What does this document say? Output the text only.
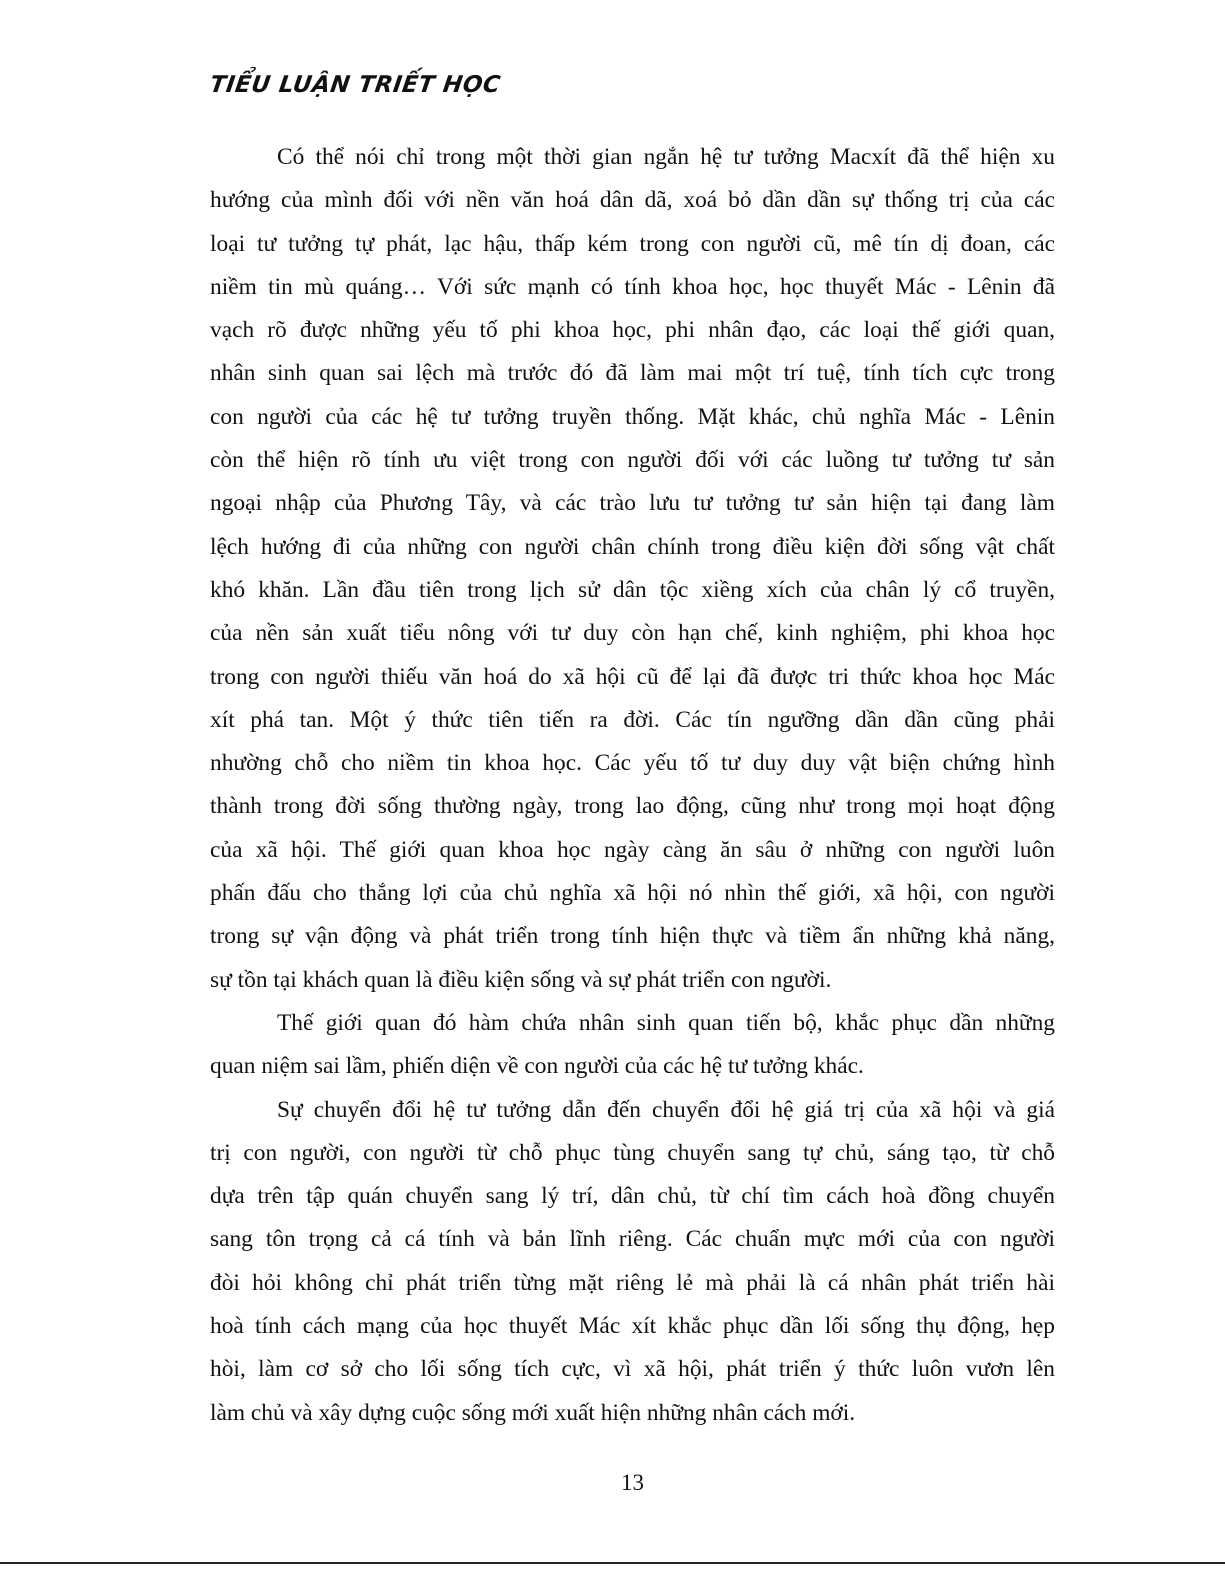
TIỂU LUẬN TRIẾT HỌC
Có thể nói chỉ trong một thời gian ngắn hệ tư tưởng Macxít đã thể hiện xu
hướng của mình đối với nền văn hoá dân dã, xoá bỏ dần dần sự thống trị của các
loại tư tưởng tự phát, lạc hậu, thấp kém trong con người cũ, mê tín dị đoan, các
niềm tin mù quáng… Với sức mạnh có tính khoa học, học thuyết Mác - Lênin đã
vạch rõ được những yếu tố phi khoa học, phi nhân đạo, các loại thế giới quan,
nhân sinh quan sai lệch mà trước đó đã làm mai một trí tuệ, tính tích cực trong
con người của các hệ tư tưởng truyền thống. Mặt khác, chủ nghĩa Mác - Lênin
còn thể hiện rõ tính ưu việt trong con người đối với các luồng tư tưởng tư sản
ngoại nhập của Phương Tây, và các trào lưu tư tưởng tư sản hiện tại đang làm
lệch hướng đi của những con người chân chính trong điều kiện đời sống vật chất
khó khăn. Lần đầu tiên trong lịch sử dân tộc xiềng xích của chân lý cổ truyền,
của nền sản xuất tiểu nông với tư duy còn hạn chế, kinh nghiệm, phi khoa học
trong con người thiếu văn hoá do xã hội cũ để lại đã được tri thức khoa học Mác
xít phá tan. Một ý thức tiên tiến ra đời. Các tín ngưỡng dần dần cũng phải
nhường chỗ cho niềm tin khoa học. Các yếu tố tư duy duy vật biện chứng hình
thành trong đời sống thường ngày, trong lao động, cũng như trong mọi hoạt động
của xã hội. Thế giới quan khoa học ngày càng ăn sâu ở những con người luôn
phấn đấu cho thắng lợi của chủ nghĩa xã hội nó nhìn thế giới, xã hội, con người
trong sự vận động và phát triển trong tính hiện thực và tiềm ẩn những khả năng,
sự tồn tại khách quan là điều kiện sống và sự phát triển con người.
Thế giới quan đó hàm chứa nhân sinh quan tiến bộ, khắc phục dần những
quan niệm sai lầm, phiến diện về con người của các hệ tư tưởng khác.
Sự chuyển đổi hệ tư tưởng dẫn đến chuyển đổi hệ giá trị của xã hội và giá
trị con người, con người từ chỗ phục tùng chuyển sang tự chủ, sáng tạo, từ chỗ
dựa trên tập quán chuyển sang lý trí, dân chủ, từ chí tìm cách hoà đồng chuyển
sang tôn trọng cả cá tính và bản lĩnh riêng. Các chuẩn mực mới của con người
đòi hỏi không chỉ phát triển từng mặt riêng lẻ mà phải là cá nhân phát triển hài
hoà tính cách mạng của học thuyết Mác xít khắc phục dần lối sống thụ động, hẹp
hòi, làm cơ sở cho lối sống tích cực, vì xã hội, phát triển ý thức luôn vươn lên
làm chủ và xây dựng cuộc sống mới xuất hiện những nhân cách mới.
13
